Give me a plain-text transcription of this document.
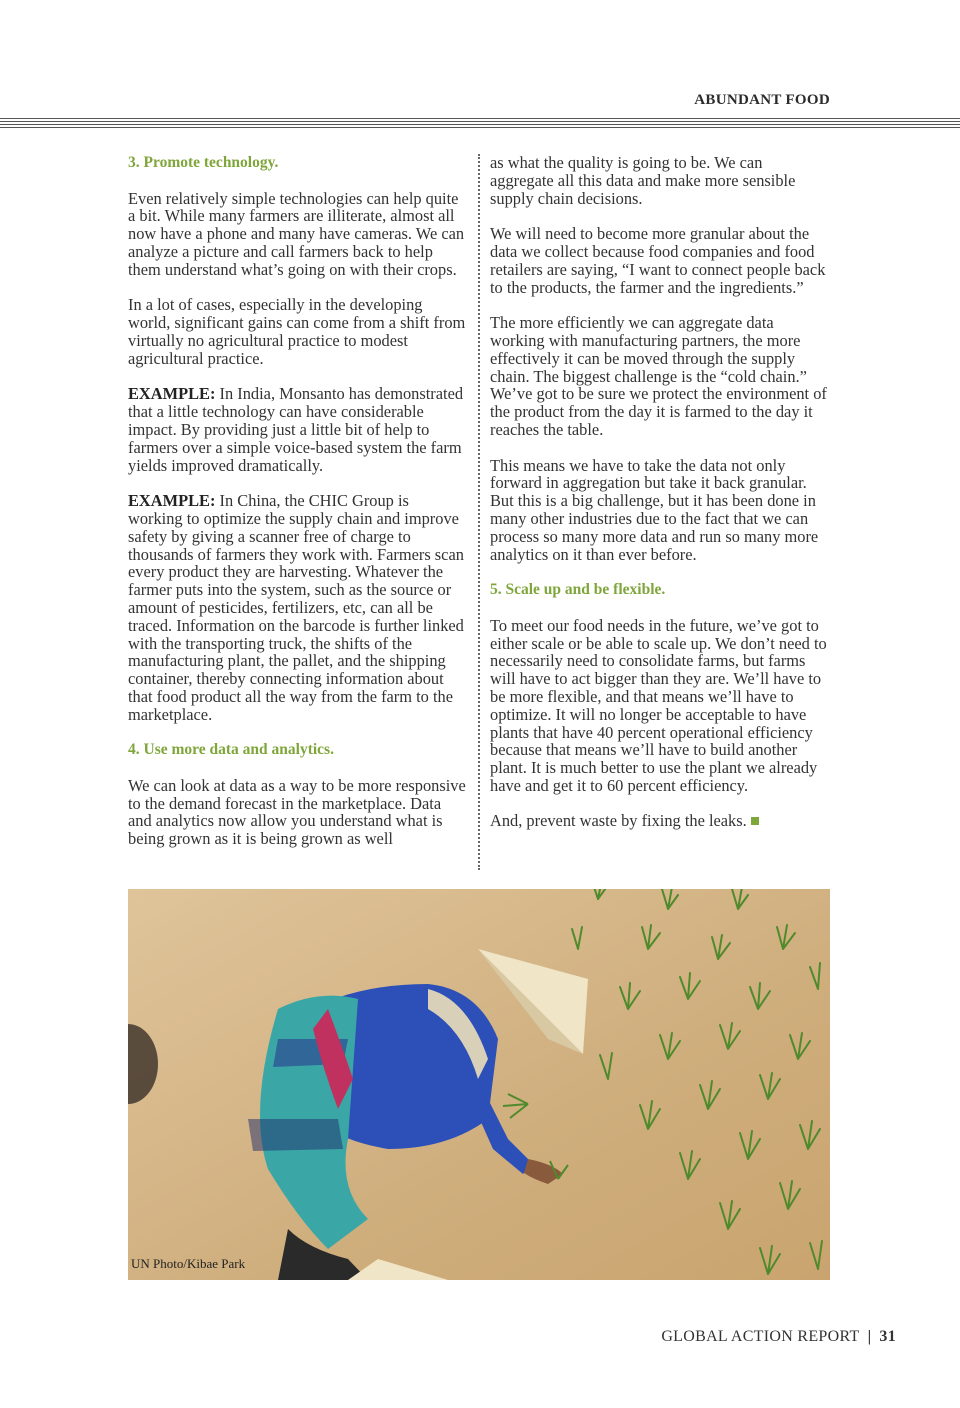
ABUNDANT FOOD
3. Promote technology.

Even relatively simple technologies can help quite a bit. While many farmers are illiterate, almost all now have a phone and many have cameras. We can analyze a picture and call farmers back to help them understand what’s going on with their crops.

In a lot of cases, especially in the developing world, significant gains can come from a shift from virtually no agricultural practice to modest agricultural practice.

EXAMPLE: In India, Monsanto has demonstrated that a little technology can have considerable impact. By providing just a little bit of help to farmers over a simple voice-based system the farm yields improved dramatically.

EXAMPLE: In China, the CHIC Group is working to optimize the supply chain and improve safety by giving a scanner free of charge to thousands of farmers they work with. Farmers scan every product they are harvesting. Whatever the farmer puts into the system, such as the source or amount of pesticides, fertilizers, etc, can all be traced. Information on the barcode is further linked with the transporting truck, the shifts of the manufacturing plant, the pallet, and the shipping container, thereby connecting information about that food product all the way from the farm to the marketplace.

4. Use more data and analytics.

We can look at data as a way to be more responsive to the demand forecast in the marketplace. Data and analytics now allow you understand what is being grown as it is being grown as well

as what the quality is going to be. We can aggregate all this data and make more sensible supply chain decisions.

We will need to become more granular about the data we collect because food companies and food retailers are saying, “I want to connect people back to the products, the farmer and the ingredients.”

The more efficiently we can aggregate data working with manufacturing partners, the more effectively it can be moved through the supply chain. The biggest challenge is the “cold chain.” We’ve got to be sure we protect the environment of the product from the day it is farmed to the day it reaches the table.

This means we have to take the data not only forward in aggregation but take it back granular. But this is a big challenge, but it has been done in many other industries due to the fact that we can process so many more data and run so many more analytics on it than ever before.

5. Scale up and be flexible.

To meet our food needs in the future, we’ve got to either scale or be able to scale up. We don’t need to necessarily need to consolidate farms, but farms will have to act bigger than they are. We’ll have to be more flexible, and that means we’ll have to optimize. It will no longer be acceptable to have plants that have 40 percent operational efficiency because that means we’ll have to build another plant. It is much better to use the plant we already have and get it to 60 percent efficiency.

And, prevent waste by fixing the leaks.

UN Photo/Kibae Park
GLOBAL ACTION REPORT | 31
